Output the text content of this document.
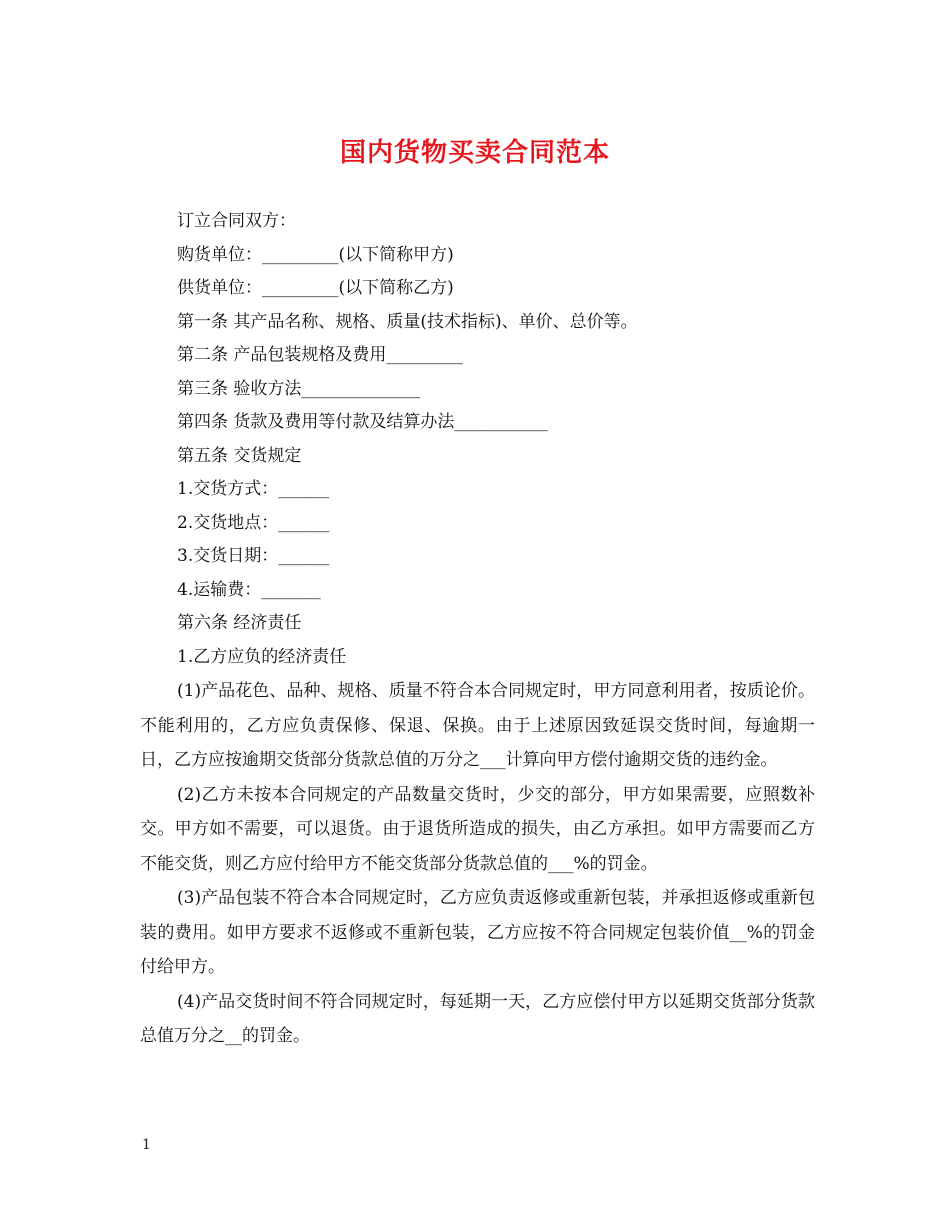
国内货物买卖合同范本
订立合同双方：
购货单位：_________(以下简称甲方)
供货单位：_________(以下简称乙方)
第一条 其产品名称、规格、质量(技术指标)、单价、总价等。
第二条 产品包装规格及费用_________
第三条 验收方法______________
第四条 货款及费用等付款及结算办法___________
第五条 交货规定
1.交货方式：______
2.交货地点：______
3.交货日期：______
4.运输费：_______
第六条 经济责任
1.乙方应负的经济责任

(1)产品花色、品种、规格、质量不符合本合同规定时，甲方同意利用者，按质论价。不能利用的，乙方应负责保修、保退、保换。由于上述原因致延误交货时间，每逾期一日，乙方应按逾期交货部分货款总值的万分之___计算向甲方偿付逾期交货的违约金。

(2)乙方未按本合同规定的产品数量交货时，少交的部分，甲方如果需要，应照数补交。甲方如不需要，可以退货。由于退货所造成的损失，由乙方承担。如甲方需要而乙方不能交货，则乙方应付给甲方不能交货部分货款总值的___%的罚金。

(3)产品包装不符合本合同规定时，乙方应负责返修或重新包装，并承担返修或重新包装的费用。如甲方要求不返修或不重新包装，乙方应按不符合同规定包装价值__%的罚金付给甲方。

(4)产品交货时间不符合同规定时，每延期一天，乙方应偿付甲方以延期交货部分货款总值万分之__的罚金。

1
